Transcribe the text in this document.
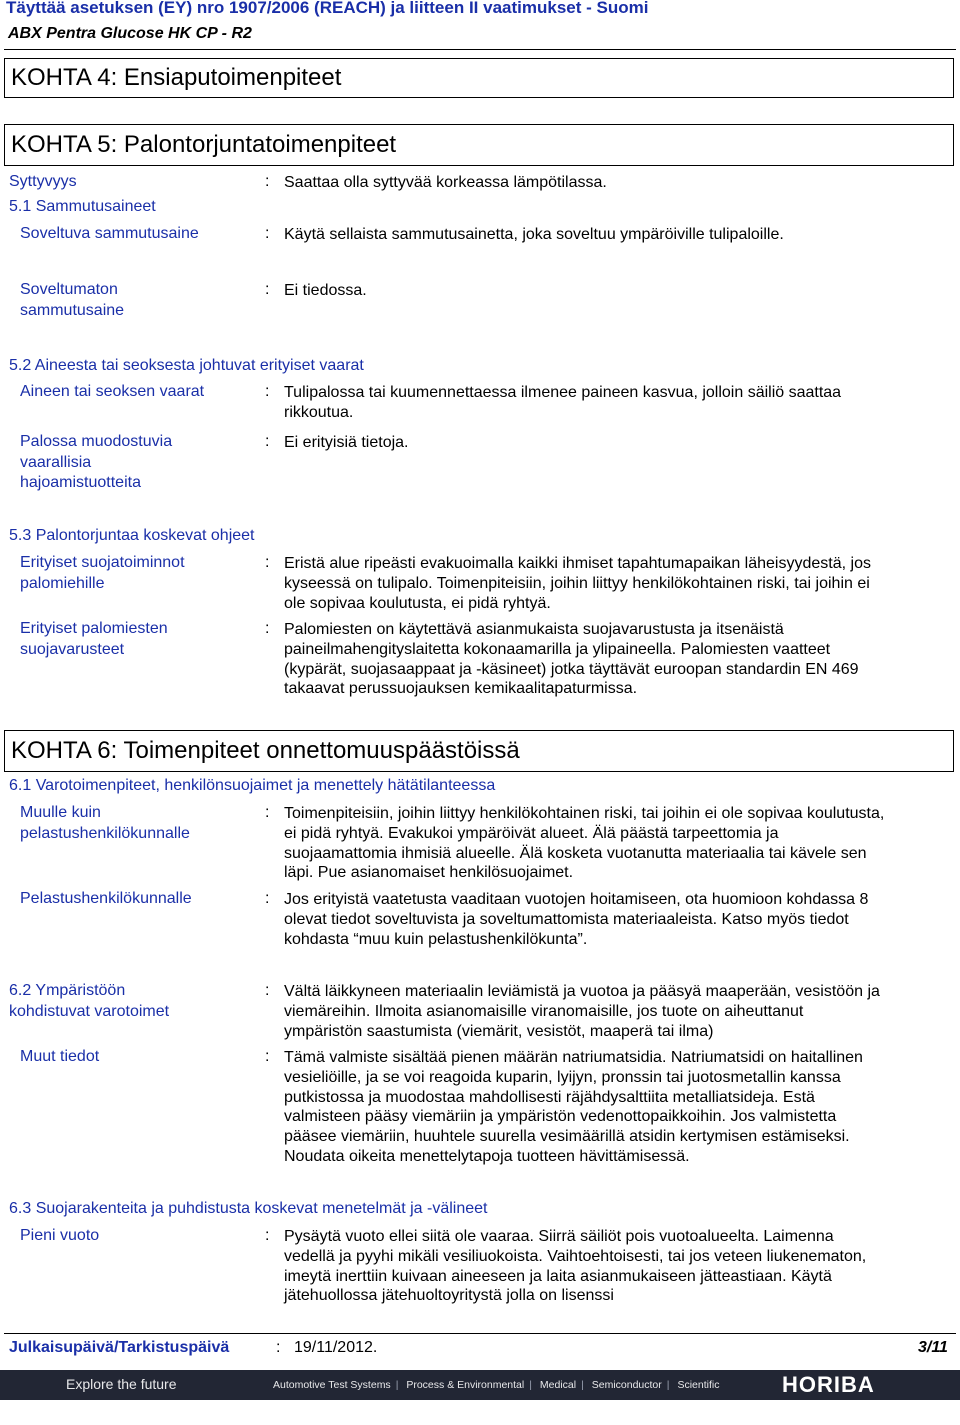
Täyttää asetuksen (EY) nro 1907/2006 (REACH) ja liitteen II vaatimukset - Suomi
ABX Pentra Glucose HK CP - R2
KOHTA 4: Ensiaputoimenpiteet
KOHTA 5: Palontorjuntatoimenpiteet
Syttyvyys	: Saattaa olla syttyvää korkeassa lämpötilassa.
5.1 Sammutusaineet
Soveltuva sammutusaine	: Käytä sellaista sammutusainetta, joka soveltuu ympäröiville tulipaloille.
Soveltumaton
sammutusaine
: Ei tiedossa.
5.2 Aineesta tai seoksesta johtuvat erityiset vaarat
Aineen tai seoksen vaarat	: Tulipalossa tai kuumennettaessa ilmenee paineen kasvua, jolloin säiliö saattaa
rikkoutua.
Palossa muodostuvia
vaarallisia
hajoamistuotteita
: Ei erityisiä tietoja.
5.3 Palontorjuntaa koskevat ohjeet
Erityiset suojatoiminnot
palomiehille
: Eristä alue ripeästi evakuoimalla kaikki ihmiset tapahtumapaikan läheisyydestä, jos
kyseessä on tulipalo. Toimenpiteisiin, joihin liittyy henkilökohtainen riski, tai joihin ei
ole sopivaa koulutusta, ei pidä ryhtyä.
Erityiset palomiesten
suojavarusteet
: Palomiesten on käytettävä asianmukaista suojavarustusta ja itsenäistä
paineilmahengityslaitetta kokonaamarilla ja ylipaineella. Palomiesten vaatteet
(kypärät, suojasaappaat ja -käsineet) jotka täyttävät euroopan standardin EN 469
takaavat perussuojauksen kemikaalitapaturmissa.
KOHTA 6: Toimenpiteet onnettomuuspäästöissä
6.1 Varotoimenpiteet, henkilönsuojaimet ja menettely hätätilanteessa
Muulle kuin
pelastushenkilökunnalle
: Toimenpiteisiin, joihin liittyy henkilökohtainen riski, tai joihin ei ole sopivaa koulutusta,
ei pidä ryhtyä. Evakukoi ympäröivät alueet. Älä päästä tarpeettomia ja
suojaamattomia ihmisiä alueelle. Älä kosketa vuotanutta materiaalia tai kävele sen
läpi. Pue asianomaiset henkilösuojaimet.
Pelastushenkilökunnalle	: Jos erityistä vaatetusta vaaditaan vuotojen hoitamiseen, ota huomioon kohdassa 8
olevat tiedot soveltuvista ja soveltumattomista materiaaleista. Katso myös tiedot
kohdasta “muu kuin pelastushenkilökunta”.
6.2 Ympäristöön
kohdistuvat varotoimet
: Vältä läikkyneen materiaalin leviämistä ja vuotoa ja pääsyä maaperään, vesistöön ja
viemäreihin. Ilmoita asianomaisille viranomaisille, jos tuote on aiheuttanut
ympäristön saastumista (viemärit, vesistöt, maaperä tai ilma)
Muut tiedot	: Tämä valmiste sisältää pienen määrän natriumatsidia. Natriumatsidi on haitallinen
vesieliöille, ja se voi reagoida kuparin, lyijyn, pronssin tai juotosmetallin kanssa
putkistossa ja muodostaa mahdollisesti räjähdysalttiita metalliatsideja. Estä
valmisteen pääsy viemäriin ja ympäristön vedenottopaikkoihin. Jos valmistetta
pääsee viemäriin, huuhtele suurella vesimäärillä atsidin kertymisen estämiseksi.
Noudata oikeita menettelytapoja tuotteen hävittämisessä.
6.3 Suojarakenteita ja puhdistusta koskevat menetelmät ja -välineet
Pieni vuoto	: Pysäytä vuoto ellei siitä ole vaaraa. Siirrä säiliöt pois vuotoalueelta. Laimenna
vedellä ja pyyhi mikäli vesiliuokoista. Vaihtoehtoisesti, tai jos veteen liukenematon,
imeytä inerttiin kuivaan aineeseen ja laita asianmukaiseen jätteastiaan. Käytä
jätehuollossa jätehuoltoyritystä jolla on lisenssi
Julkaisupäivä/Tarkistuspäivä	: 19/11/2012.	3/11
Explore the future	Automotive Test Systems | Process & Environmental | Medical | Semiconductor | Scientific	HORIBA
